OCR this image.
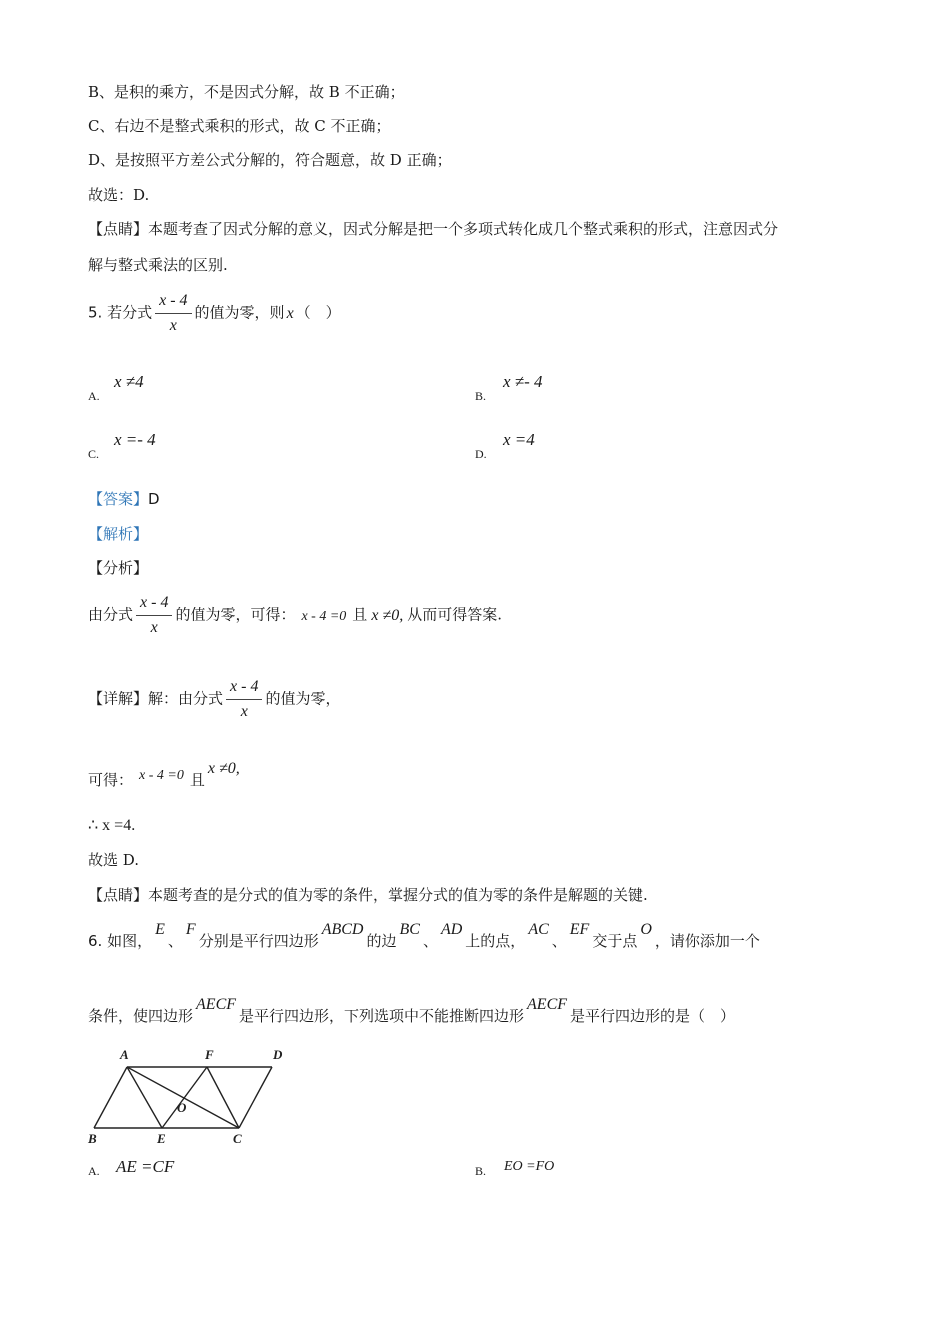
B、是积的乘方，不是因式分解，故 B 不正确；
C、右边不是整式乘积的形式，故 C 不正确；
D、是按照平方差公式分解的，符合题意，故 D 正确；
故选：D.
【点睛】本题考查了因式分解的意义，因式分解是把一个多项式转化成几个整式乘积的形式，注意因式分
解与整式乘法的区别.
5. 若分式 $\frac{x - 4}{x}$ 的值为零，则 x （　）
A.
x ≠4
B.
x ≠- 4
C.
x =- 4
D.
x =4
【答案】D
【解析】
【分析】
由分式 $\frac{x - 4}{x}$ 的值为零，可得： x - 4 =0 且 x ≠0, 从而可得答案.
【详解】解：由分式 $\frac{x - 4}{x}$ 的值为零，
可得： x - 4 =0 且x ≠0,
∴ x =4.
故选 D.
【点睛】本题考查的是分式的值为零的条件，掌握分式的值为零的条件是解题的关键.
6. 如图，E、F分别是平行四边形ABCD的边BC、AD上的点，AC、EF交于点O，请你添加一个
条件，使四边形AECF是平行四边形，下列选项中不能推断四边形AECF是平行四边形的是（　）
A	F	D
B	E	C
O
A. AE =CF	B. EO =FO
